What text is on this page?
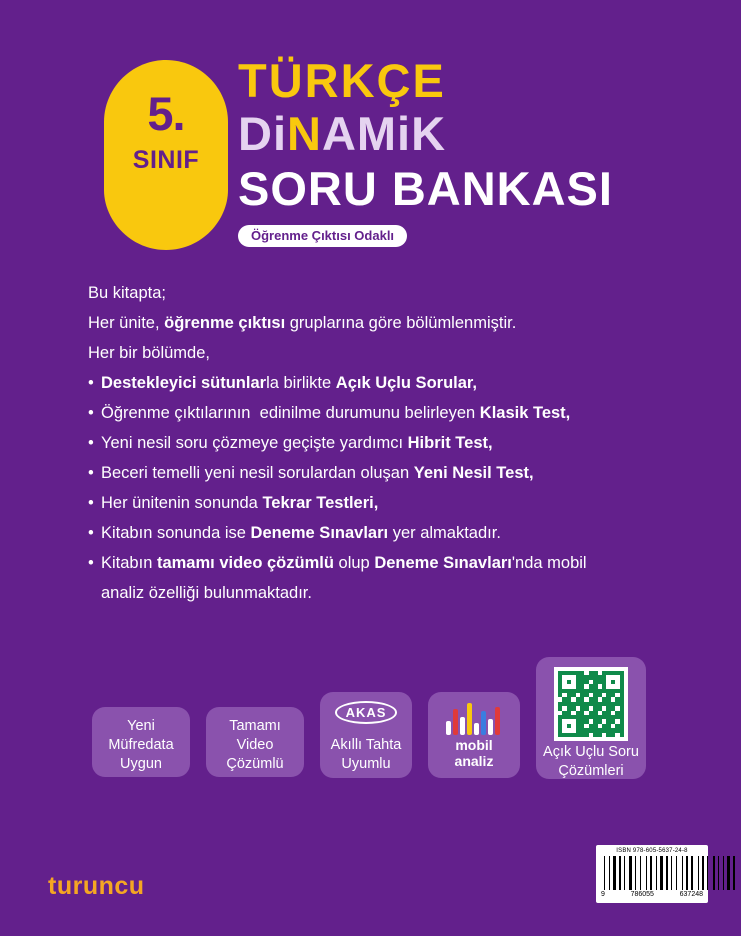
5.
SINIF
TÜRKÇE
DiNAMiK
SORU BANKASI
Öğrenme Çıktısı Odaklı
Bu kitapta;
Her ünite, öğrenme çıktısı gruplarına göre bölümlenmiştir.
Her bir bölümde,
• Destekleyici sütunlarla birlikte Açık Uçlu Sorular,
• Öğrenme çıktılarının  edinilme durumunu belirleyen Klasik Test,
• Yeni nesil soru çözmeye geçişte yardımcı Hibrit Test,
• Beceri temelli yeni nesil sorulardan oluşan Yeni Nesil Test,
• Her ünitenin sonunda Tekrar Testleri,
• Kitabın sonunda ise Deneme Sınavları yer almaktadır.
• Kitabın tamamı video çözümlü olup Deneme Sınavları'nda mobil
analiz özelliği bulunmaktadır.
Yeni
Müfredata
Uygun
Tamamı
Video
Çözümlü
AKAS
Akıllı Tahta
Uyumlu
mobil
analiz
Açık Uçlu Soru
Çözümleri
turuncu
ISBN 978-605-5637-24-8
9	786055	637248
